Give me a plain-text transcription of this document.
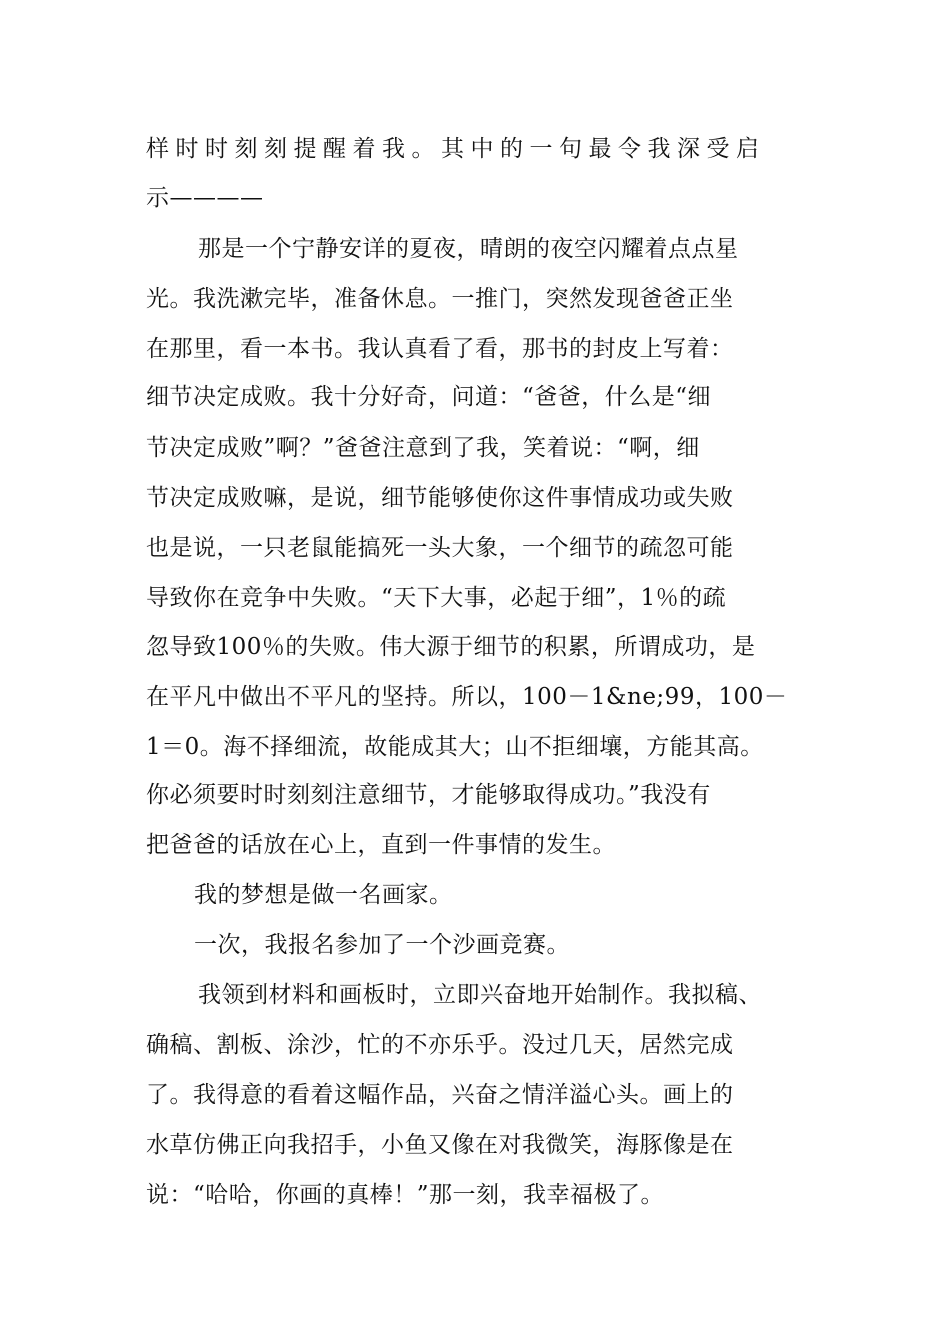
样时时刻刻提醒着我。其中的一句最令我深受启
示————
那是一个宁静安详的夏夜，晴朗的夜空闪耀着点点星
光。我洗漱完毕，准备休息。一推门，突然发现爸爸正坐
在那里，看一本书。我认真看了看，那书的封皮上写着：
细节决定成败。我十分好奇，问道：“爸爸，什么是“细
节决定成败”啊？”爸爸注意到了我，笑着说：“啊，细
节决定成败嘛，是说，细节能够使你这件事情成功或失败
也是说，一只老鼠能搞死一头大象，一个细节的疏忽可能
导致你在竞争中失败。“天下大事，必起于细”，1％的疏
忽导致100％的失败。伟大源于细节的积累，所谓成功，是
在平凡中做出不平凡的坚持。所以，100－1&ne;99，100－
1＝0。海不择细流，故能成其大；山不拒细壤，方能其高。
你必须要时时刻刻注意细节，才能够取得成功。”我没有
把爸爸的话放在心上，直到一件事情的发生。
我的梦想是做一名画家。
一次，我报名参加了一个沙画竞赛。
我领到材料和画板时，立即兴奋地开始制作。我拟稿、
确稿、割板、涂沙，忙的不亦乐乎。没过几天，居然完成
了。我得意的看着这幅作品，兴奋之情洋溢心头。画上的
水草仿佛正向我招手，小鱼又像在对我微笑，海豚像是在
说：“哈哈，你画的真棒！”那一刻，我幸福极了。
